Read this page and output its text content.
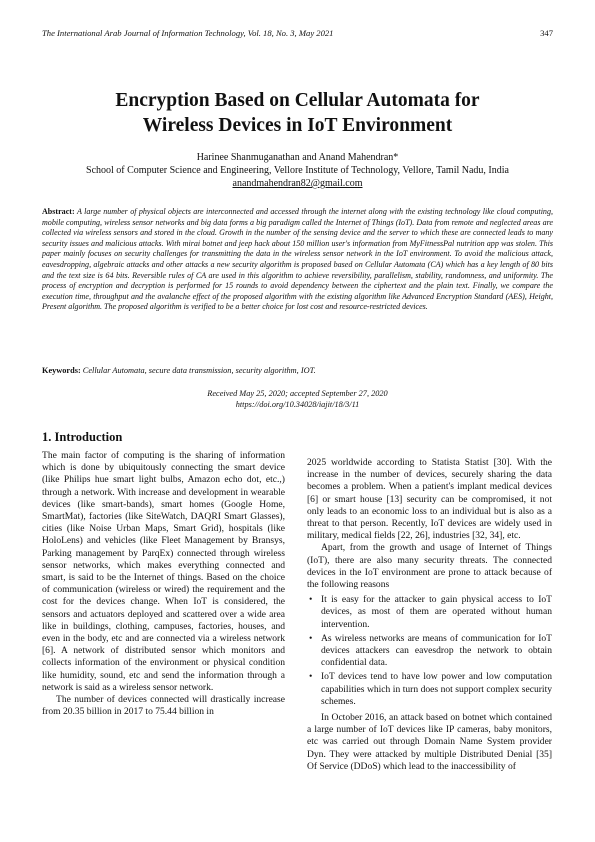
The International Arab Journal of Information Technology, Vol. 18, No. 3, May 2021	347
Encryption Based on Cellular Automata for
Wireless Devices in IoT Environment
Harinee Shanmuganathan and Anand Mahendran*
School of Computer Science and Engineering, Vellore Institute of Technology, Vellore, Tamil Nadu, India
anandmahendran82@gmail.com
Abstract: A large number of physical objects are interconnected and accessed through the internet along with the existing technology like cloud computing, mobile computing, wireless sensor networks and big data forms a big paradigm called the Internet of Things (IoT). Data from remote and neglected areas are collected via wireless sensors and stored in the cloud. Growth in the number of the sensing device and the server to which these are connected leads to many security issues and malicious attacks. With mirai botnet and jeep hack about 150 million user's information from MyFitnessPal nutrition app was stolen. This paper mainly focuses on security challenges for transmitting the data in the wireless sensor network in the IoT environment. To avoid the malicious attack, eavesdropping, algebraic attacks and other attacks a new security algorithm is proposed based on Cellular Automata (CA) which has a key length of 80 bits and the text size is 64 bits. Reversible rules of CA are used in this algorithm to achieve reversibility, parallelism, stability, randomness, and uniformity. The process of encryption and decryption is performed for 15 rounds to avoid dependency between the ciphertext and the plain text. Finally, we compare the execution time, throughput and the avalanche effect of the proposed algorithm with the existing algorithm like Advanced Encryption Standard (AES), Height, Present algorithm. The proposed algorithm is verified to be a better choice for lost cost and resource-restricted devices.
Keywords: Cellular Automata, secure data transmission, security algorithm, IOT.
Received May 25, 2020; accepted September 27, 2020
https://doi.org/10.34028/iajit/18/3/11
1. Introduction

The main factor of computing is the sharing of information which is done by ubiquitously connecting the smart device (like Philips hue smart light bulbs, Amazon echo dot, etc.,) through a network. With increase and development in wearable devices (like smart-bands), smart homes (Google Home, SmartMat), factories (like SiteWatch, DAQRI Smart Glasses), cities (like Noise Urban Maps, Smart Grid), hospitals (like HoloLens) and vehicles (like Fleet Management by Bransys, Parking management by ParqEx) connected through wireless sensor networks, which makes everything connected and smart, is said to be the Internet of things. Based on the choice of communication (wireless or wired) the requirement and the cost for the devices change. When IoT is considered, the sensors and actuators deployed and scattered over a wide area like in buildings, clothing, campuses, factories, houses, and even in the body, etc and are connected via a wireless network [6]. A network of distributed sensor which monitors and collects information of the environment or physical condition like humidity, sound, etc and send the information through a network is said as a wireless sensor network.

The number of devices connected will drastically increase from 20.35 billion in 2017 to 75.44 billion in

2025 worldwide according to Statista Statist [30]. With the increase in the number of devices, securely sharing the data becomes a problem. When a patient's implant medical devices [6] or smart house [13] security can be compromised, it not only leads to an economic loss to an individual but is also as a threat to that person. Recently, IoT devices are widely used in military, medical fields [22, 26], industries [32, 34], etc.

Apart, from the growth and usage of Internet of Things (IoT), there are also many security threats. The connected devices in the IoT environment are prone to attack because of the following reasons

• It is easy for the attacker to gain physical access to IoT devices, as most of them are operated without human intervention.
• As wireless networks are means of communication for IoT devices attackers can eavesdrop the network to obtain confidential data.
• IoT devices tend to have low power and low computation capabilities which in turn does not support complex security schemes.

In October 2016, an attack based on botnet which contained a large number of IoT devices like IP cameras, baby monitors, etc was carried out through Domain Name System provider Dyn. They were attacked by multiple Distributed Denial [35] Of Service (DDoS) which lead to the inaccessibility of
